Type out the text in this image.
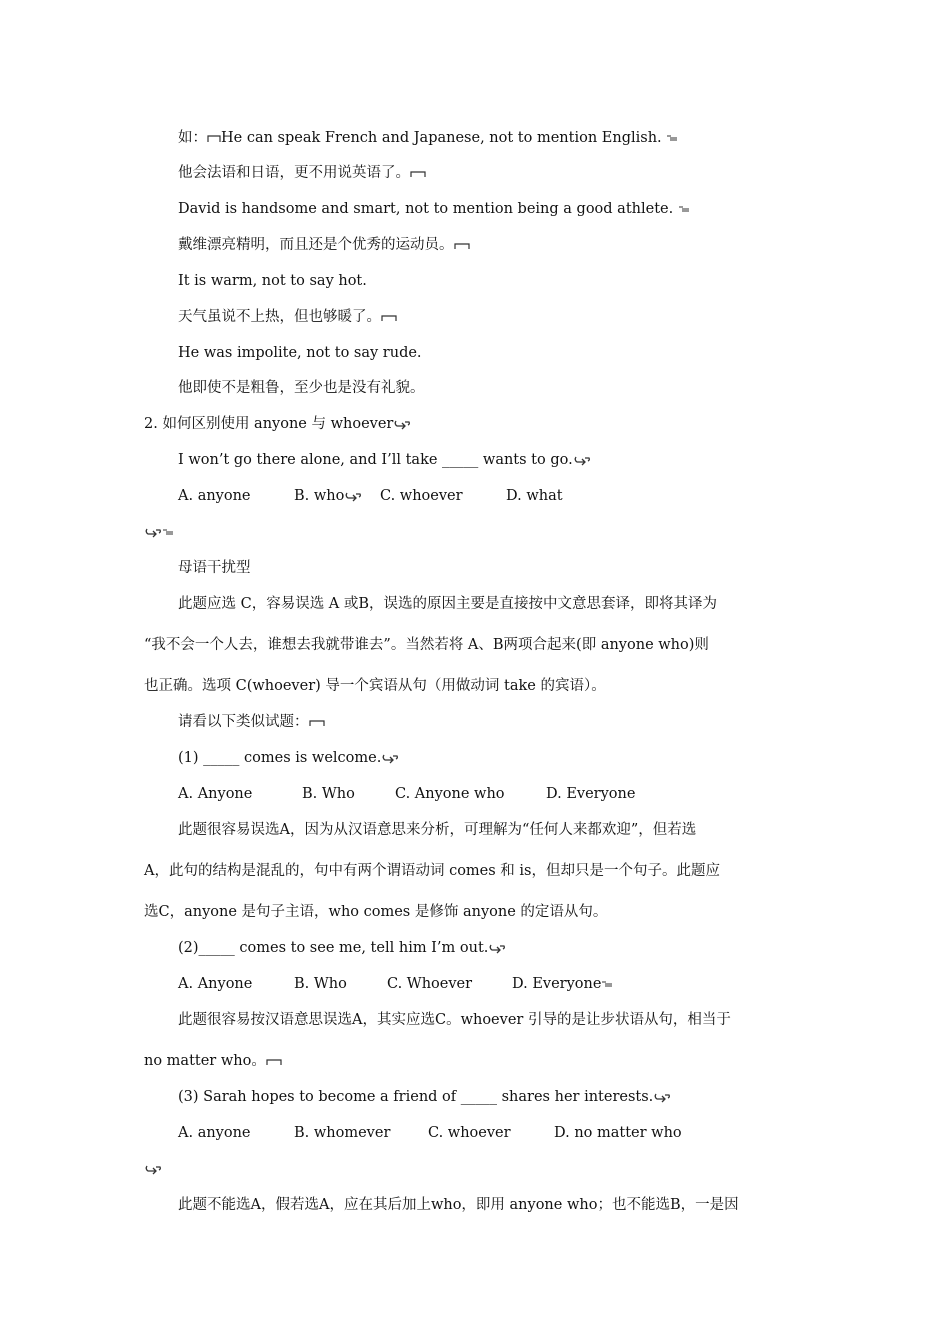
如： He can speak French and Japanese, not to mention English.
他会法语和日语，更不用说英语了。
David is handsome and smart, not to mention being a good athlete.
戴维漂亮精明，而且还是个优秀的运动员。
It is warm, not to say hot.
天气虽说不上热，但也够暖了。
He was impolite, not to say rude.
他即使不是粗鲁，至少也是没有礼貌。
2. 如何区别使用 anyone 与 whoever
I won’t go there alone, and I’ll take _____ wants to go.
A. anyone	B. who	C. whoever	D. what
母语干扰型
此题应选 C，容易误选 A 或B，误选的原因主要是直接按中文意思套译，即将其译为
“我不会一个人去，谁想去我就带谁去”。当然若将 A、B两项合起来(即 anyone who)则
也正确。选项 C(whoever) 导一个宾语从句（用做动词 take 的宾语）。
请看以下类似试题：
(1) _____ comes is welcome.
A. Anyone	B. Who	C. Anyone who	D. Everyone
此题很容易误选A，因为从汉语意思来分析，可理解为“任何人来都欢迎”，但若选
A，此句的结构是混乱的，句中有两个谓语动词 comes 和 is，但却只是一个句子。此题应
选C，anyone 是句子主语，who comes 是修饰 anyone 的定语从句。
(2)_____ comes to see me, tell him I’m out.
A. Anyone	B. Who	C. Whoever	D. Everyone
此题很容易按汉语意思误选A，其实应选C。whoever 引导的是让步状语从句，相当于
no matter who。
(3) Sarah hopes to become a friend of _____ shares her interests.
A. anyone	B. whomever	C. whoever	D. no matter who
此题不能选A，假若选A，应在其后加上who，即用 anyone who；也不能选B，一是因
